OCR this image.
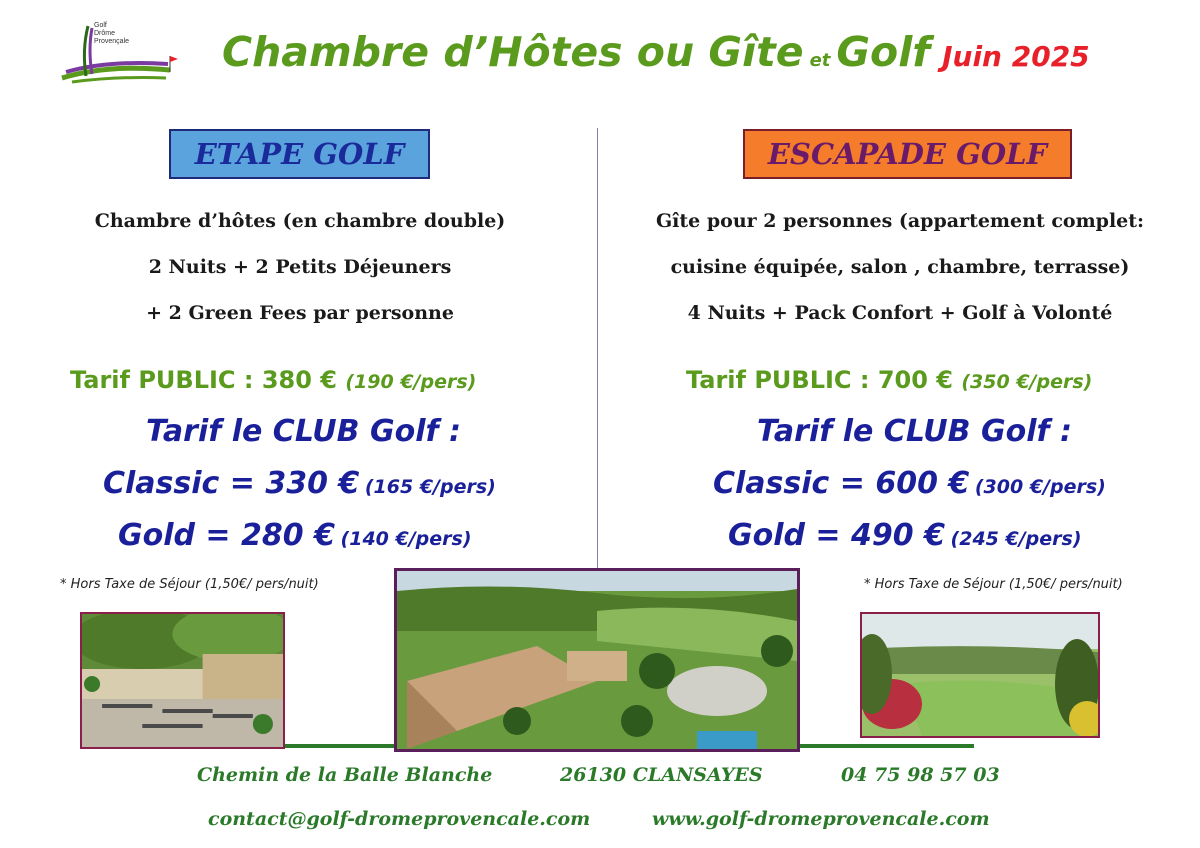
Golf
Drôme
Provençale Chambre d’Hôtes ou Gîte et Golf Juin 2025
ETAPE GOLF
Chambre d’hôtes (en chambre double)
2 Nuits + 2 Petits Déjeuners
+ 2 Green Fees par personne
Tarif PUBLIC : 380 € (190 €/pers)
Tarif le CLUB Golf :
Classic = 330 € (165 €/pers)
Gold = 280 € (140 €/pers)
* Hors Taxe de Séjour (1,50€/ pers/nuit)
ESCAPADE GOLF
Gîte pour 2 personnes (appartement complet:
cuisine équipée, salon , chambre, terrasse)
4 Nuits + Pack Confort + Golf à Volonté
Tarif PUBLIC : 700 € (350 €/pers)
Tarif le CLUB Golf :
Classic = 600 € (300 €/pers)
Gold = 490 € (245 €/pers)
* Hors Taxe de Séjour (1,50€/ pers/nuit)
Chemin de la Balle Blanche	26130 CLANSAYES	04 75 98 57 03
contact@golf-dromeprovencale.com	www.golf-dromeprovencale.com
